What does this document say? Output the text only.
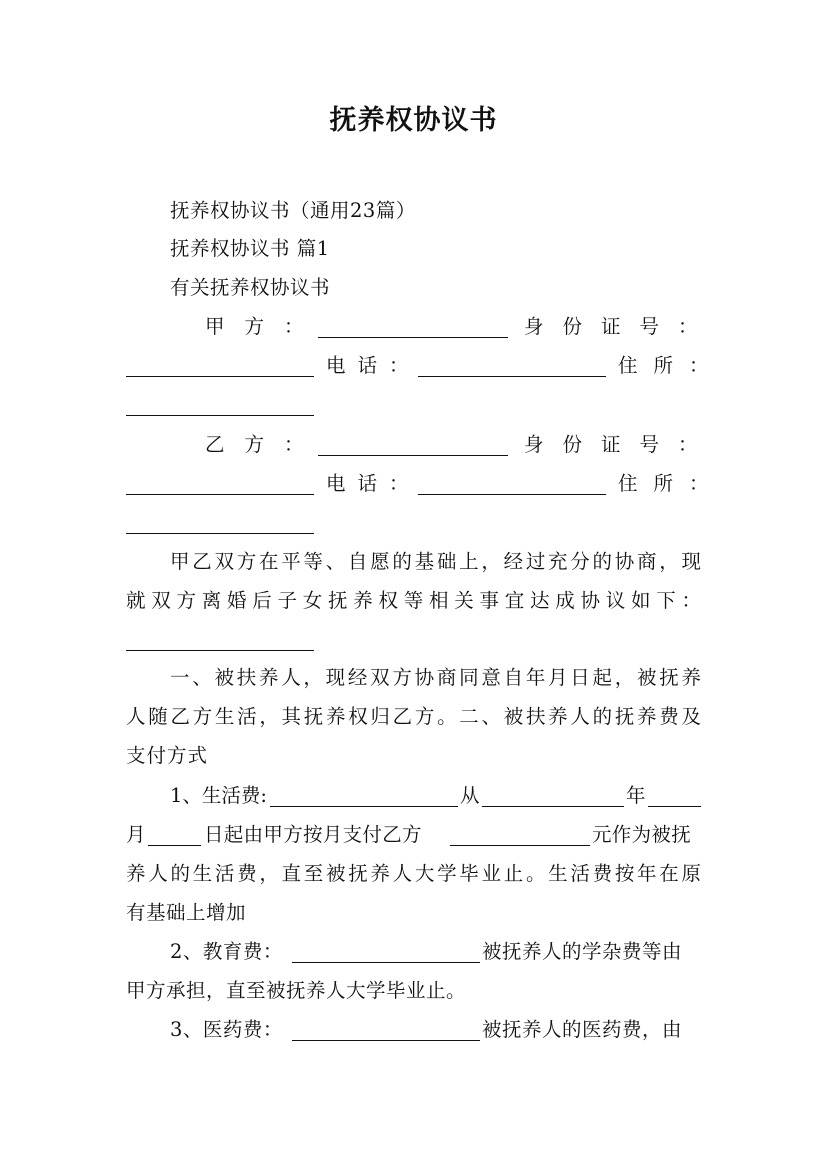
抚养权协议书
抚养权协议书（通用23篇）
抚养权协议书 篇1
有关抚养权协议书
甲方：	身份证号：
电话：	住所：
乙方：	身份证号：
电话：	住所：
甲乙双方在平等、自愿的基础上，经过充分的协商，现
就双方离婚后子女抚养权等相关事宜达成协议如下：
一、被扶养人，现经双方协商同意自年月日起，被抚养
人随乙方生活，其抚养权归乙方。二、被扶养人的抚养费及
支付方式
1、生活费:	从	年
月	日起由甲方按月支付乙方	元作为被抚
养人的生活费，直至被抚养人大学毕业止。生活费按年在原
有基础上增加
2、教育费：	被抚养人的学杂费等由
甲方承担，直至被抚养人大学毕业止。
3、医药费：	被抚养人的医药费，由
